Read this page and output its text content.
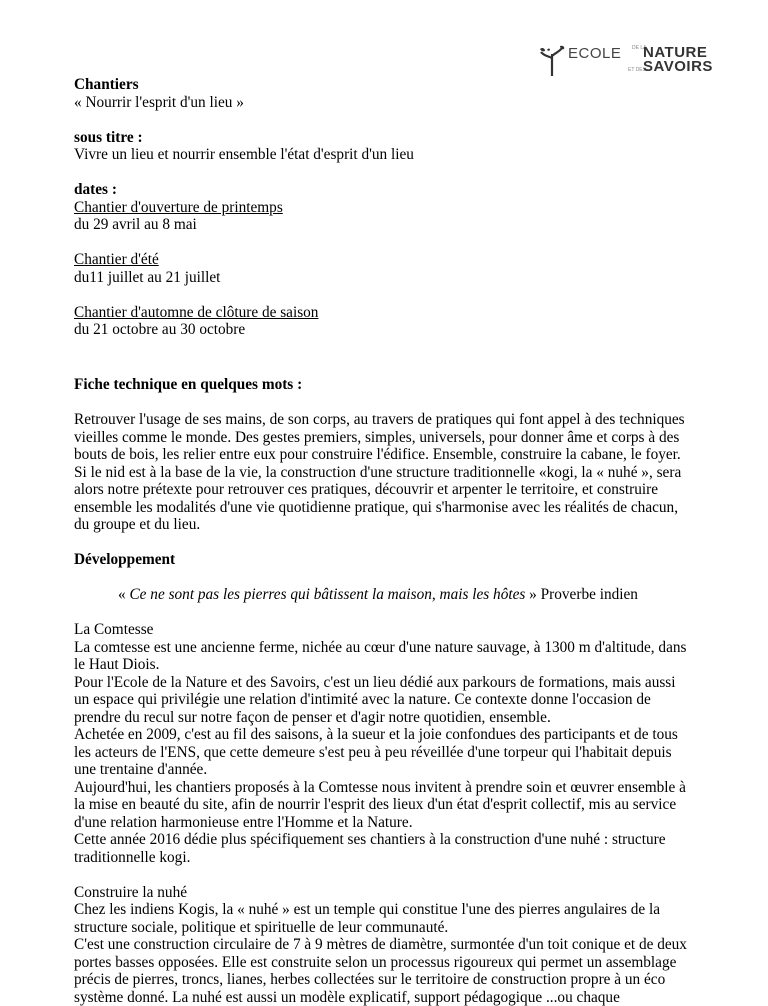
ECOLE DE LA
NATURE
ET DES
SAVOIRS

Chantiers

« Nourrir l'esprit d'un lieu »

sous titre :

Vivre un lieu et nourrir ensemble l'état d'esprit d'un lieu

dates :

Chantier d'ouverture de printemps

du 29 avril au 8 mai

Chantier d'été

du11 juillet au 21 juillet

Chantier d'automne de clôture de saison

du 21 octobre au 30 octobre

Fiche technique en quelques mots :

Retrouver l'usage de ses mains, de son corps, au travers de pratiques qui font appel à des techniques

vieilles comme le monde. Des gestes premiers, simples, universels, pour donner âme et corps à des

bouts de bois, les relier entre eux pour construire l'édifice. Ensemble, construire la cabane, le foyer.

Si le nid est à la base de la vie, la construction d'une structure traditionnelle «kogi, la « nuhé », sera

alors notre prétexte pour retrouver ces pratiques, découvrir et arpenter le territoire, et construire

ensemble les modalités d'une vie quotidienne pratique, qui s'harmonise avec les réalités de chacun,

du groupe et du lieu.

Développement

« Ce ne sont pas les pierres qui bâtissent la maison, mais les hôtes » Proverbe indien

La Comtesse

La comtesse est une ancienne ferme, nichée au cœur d'une nature sauvage, à 1300 m d'altitude, dans

le Haut Diois.

Pour l'Ecole de la Nature et des Savoirs, c'est un lieu dédié aux parkours de formations, mais aussi

un espace qui privilégie une relation d'intimité avec la nature. Ce contexte donne l'occasion de

prendre du recul sur notre façon de penser et d'agir notre quotidien, ensemble.

Achetée en 2009, c'est au fil des saisons, à la sueur et la joie confondues des participants et de tous

les acteurs de l'ENS, que cette demeure s'est peu à peu réveillée d'une torpeur qui l'habitait depuis

une trentaine d'année.

Aujourd'hui, les chantiers proposés à la Comtesse nous invitent à prendre soin et œuvrer ensemble à

la mise en beauté du site, afin de nourrir l'esprit des lieux d'un état d'esprit collectif, mis au service

d'une relation harmonieuse entre l'Homme et la Nature.

Cette année 2016 dédie plus spécifiquement ses chantiers à la construction d'une nuhé : structure

traditionnelle kogi.

Construire la nuhé

Chez les indiens Kogis, la « nuhé » est un temple qui constitue l'une des pierres angulaires de la

structure sociale, politique et spirituelle de leur communauté.

C'est une construction circulaire de 7 à 9 mètres de diamètre, surmontée d'un toit conique et de deux

portes basses opposées. Elle est construite selon un processus rigoureux qui permet un assemblage

précis de pierres, troncs, lianes, herbes collectées sur le territoire de construction propre à un éco

système donné. La nuhé est aussi un modèle explicatif, support pédagogique ...ou chaque
